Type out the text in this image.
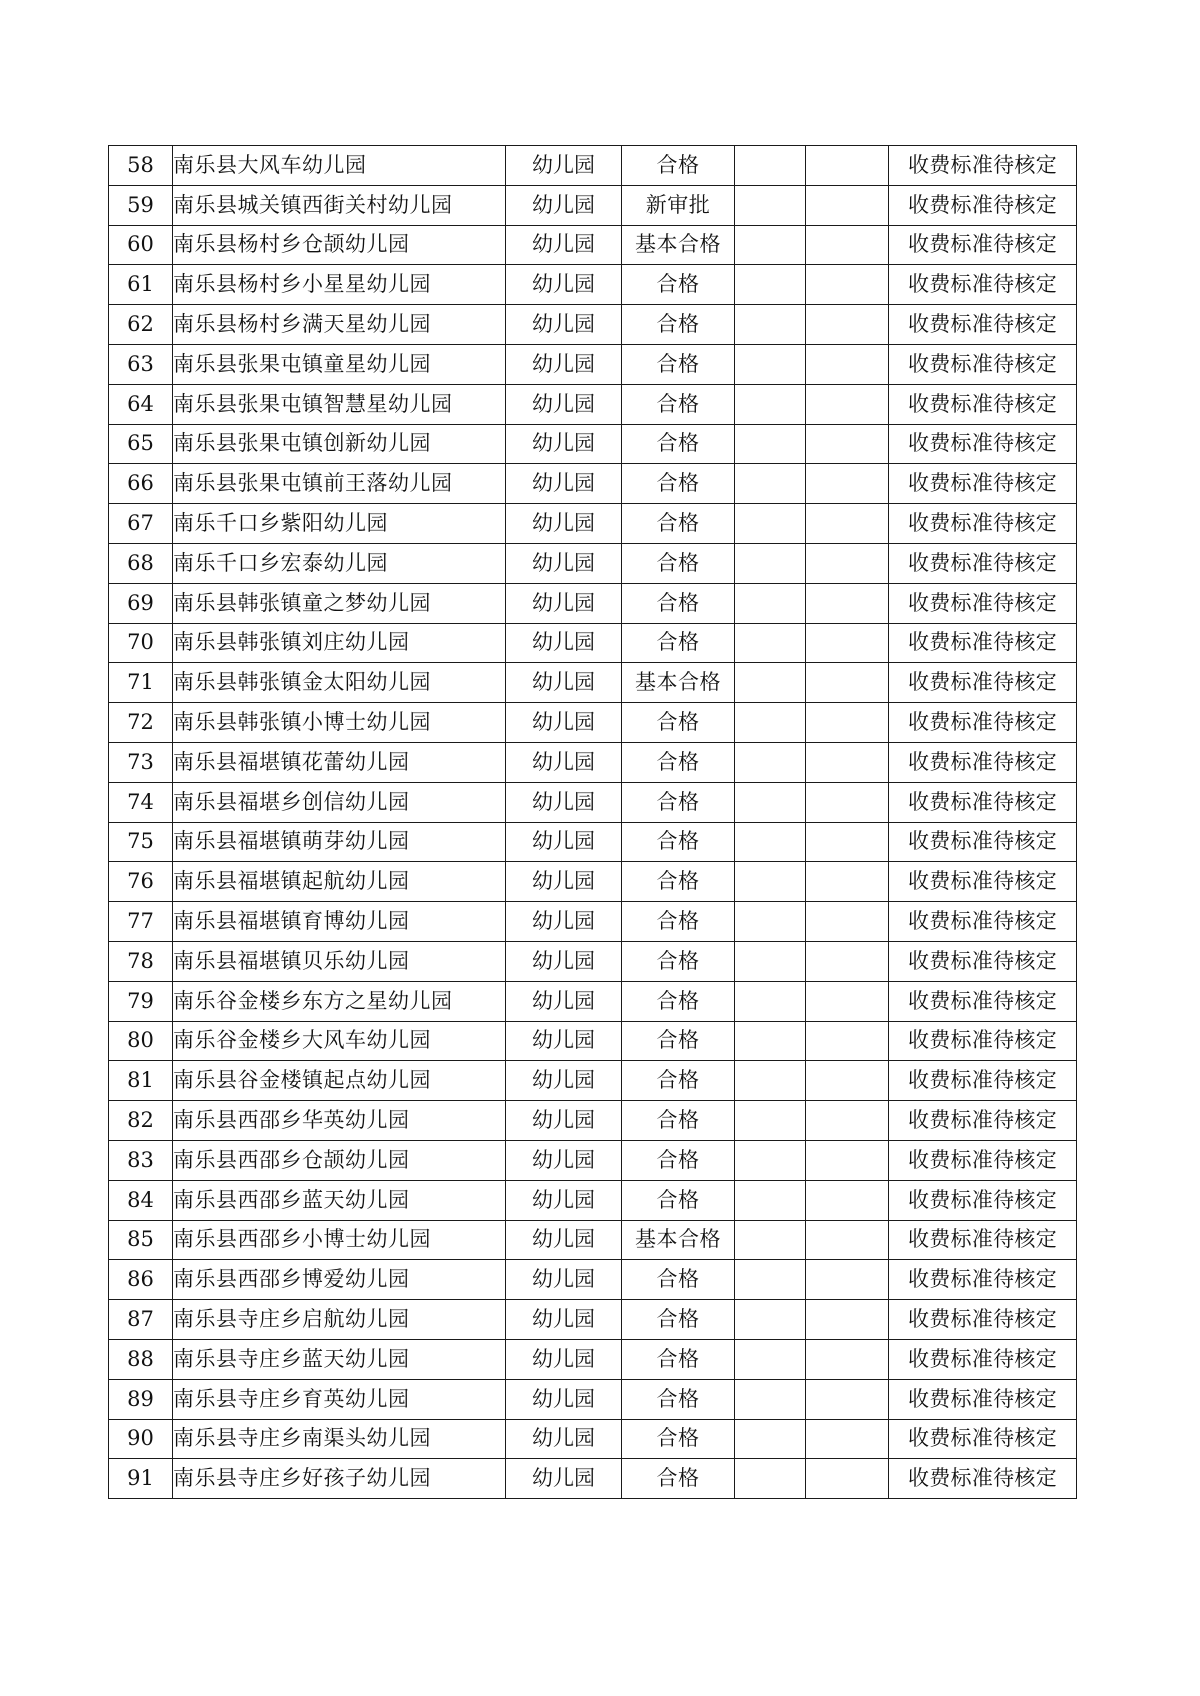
58	南乐县大风车幼儿园	幼儿园	合格			收费标准待核定
59	南乐县城关镇西街关村幼儿园	幼儿园	新审批			收费标准待核定
60	南乐县杨村乡仓颉幼儿园	幼儿园	基本合格			收费标准待核定
61	南乐县杨村乡小星星幼儿园	幼儿园	合格			收费标准待核定
62	南乐县杨村乡满天星幼儿园	幼儿园	合格			收费标准待核定
63	南乐县张果屯镇童星幼儿园	幼儿园	合格			收费标准待核定
64	南乐县张果屯镇智慧星幼儿园	幼儿园	合格			收费标准待核定
65	南乐县张果屯镇创新幼儿园	幼儿园	合格			收费标准待核定
66	南乐县张果屯镇前王落幼儿园	幼儿园	合格			收费标准待核定
67	南乐千口乡紫阳幼儿园	幼儿园	合格			收费标准待核定
68	南乐千口乡宏泰幼儿园	幼儿园	合格			收费标准待核定
69	南乐县韩张镇童之梦幼儿园	幼儿园	合格			收费标准待核定
70	南乐县韩张镇刘庄幼儿园	幼儿园	合格			收费标准待核定
71	南乐县韩张镇金太阳幼儿园	幼儿园	基本合格			收费标准待核定
72	南乐县韩张镇小博士幼儿园	幼儿园	合格			收费标准待核定
73	南乐县福堪镇花蕾幼儿园	幼儿园	合格			收费标准待核定
74	南乐县福堪乡创信幼儿园	幼儿园	合格			收费标准待核定
75	南乐县福堪镇萌芽幼儿园	幼儿园	合格			收费标准待核定
76	南乐县福堪镇起航幼儿园	幼儿园	合格			收费标准待核定
77	南乐县福堪镇育博幼儿园	幼儿园	合格			收费标准待核定
78	南乐县福堪镇贝乐幼儿园	幼儿园	合格			收费标准待核定
79	南乐谷金楼乡东方之星幼儿园	幼儿园	合格			收费标准待核定
80	南乐谷金楼乡大风车幼儿园	幼儿园	合格			收费标准待核定
81	南乐县谷金楼镇起点幼儿园	幼儿园	合格			收费标准待核定
82	南乐县西邵乡华英幼儿园	幼儿园	合格			收费标准待核定
83	南乐县西邵乡仓颉幼儿园	幼儿园	合格			收费标准待核定
84	南乐县西邵乡蓝天幼儿园	幼儿园	合格			收费标准待核定
85	南乐县西邵乡小博士幼儿园	幼儿园	基本合格			收费标准待核定
86	南乐县西邵乡博爱幼儿园	幼儿园	合格			收费标准待核定
87	南乐县寺庄乡启航幼儿园	幼儿园	合格			收费标准待核定
88	南乐县寺庄乡蓝天幼儿园	幼儿园	合格			收费标准待核定
89	南乐县寺庄乡育英幼儿园	幼儿园	合格			收费标准待核定
90	南乐县寺庄乡南渠头幼儿园	幼儿园	合格			收费标准待核定
91	南乐县寺庄乡好孩子幼儿园	幼儿园	合格			收费标准待核定
